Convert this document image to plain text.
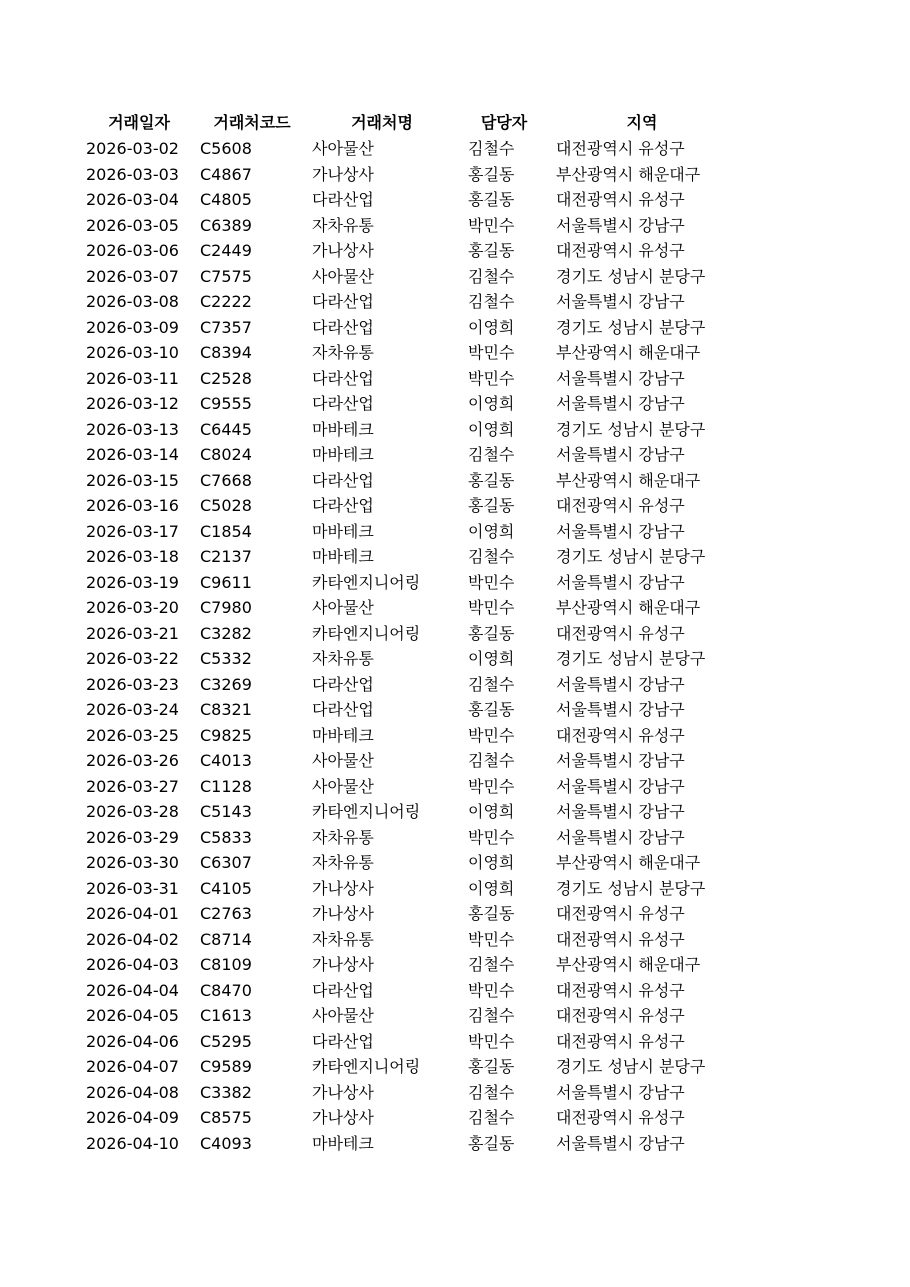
거래일자	거래처코드	거래처명	담당자	지역
2026-03-02	C5608	사아물산	김철수	대전광역시 유성구
2026-03-03	C4867	가나상사	홍길동	부산광역시 해운대구
2026-03-04	C4805	다라산업	홍길동	대전광역시 유성구
2026-03-05	C6389	자차유통	박민수	서울특별시 강남구
2026-03-06	C2449	가나상사	홍길동	대전광역시 유성구
2026-03-07	C7575	사아물산	김철수	경기도 성남시 분당구
2026-03-08	C2222	다라산업	김철수	서울특별시 강남구
2026-03-09	C7357	다라산업	이영희	경기도 성남시 분당구
2026-03-10	C8394	자차유통	박민수	부산광역시 해운대구
2026-03-11	C2528	다라산업	박민수	서울특별시 강남구
2026-03-12	C9555	다라산업	이영희	서울특별시 강남구
2026-03-13	C6445	마바테크	이영희	경기도 성남시 분당구
2026-03-14	C8024	마바테크	김철수	서울특별시 강남구
2026-03-15	C7668	다라산업	홍길동	부산광역시 해운대구
2026-03-16	C5028	다라산업	홍길동	대전광역시 유성구
2026-03-17	C1854	마바테크	이영희	서울특별시 강남구
2026-03-18	C2137	마바테크	김철수	경기도 성남시 분당구
2026-03-19	C9611	카타엔지니어링	박민수	서울특별시 강남구
2026-03-20	C7980	사아물산	박민수	부산광역시 해운대구
2026-03-21	C3282	카타엔지니어링	홍길동	대전광역시 유성구
2026-03-22	C5332	자차유통	이영희	경기도 성남시 분당구
2026-03-23	C3269	다라산업	김철수	서울특별시 강남구
2026-03-24	C8321	다라산업	홍길동	서울특별시 강남구
2026-03-25	C9825	마바테크	박민수	대전광역시 유성구
2026-03-26	C4013	사아물산	김철수	서울특별시 강남구
2026-03-27	C1128	사아물산	박민수	서울특별시 강남구
2026-03-28	C5143	카타엔지니어링	이영희	서울특별시 강남구
2026-03-29	C5833	자차유통	박민수	서울특별시 강남구
2026-03-30	C6307	자차유통	이영희	부산광역시 해운대구
2026-03-31	C4105	가나상사	이영희	경기도 성남시 분당구
2026-04-01	C2763	가나상사	홍길동	대전광역시 유성구
2026-04-02	C8714	자차유통	박민수	대전광역시 유성구
2026-04-03	C8109	가나상사	김철수	부산광역시 해운대구
2026-04-04	C8470	다라산업	박민수	대전광역시 유성구
2026-04-05	C1613	사아물산	김철수	대전광역시 유성구
2026-04-06	C5295	다라산업	박민수	대전광역시 유성구
2026-04-07	C9589	카타엔지니어링	홍길동	경기도 성남시 분당구
2026-04-08	C3382	가나상사	김철수	서울특별시 강남구
2026-04-09	C8575	가나상사	김철수	대전광역시 유성구
2026-04-10	C4093	마바테크	홍길동	서울특별시 강남구
